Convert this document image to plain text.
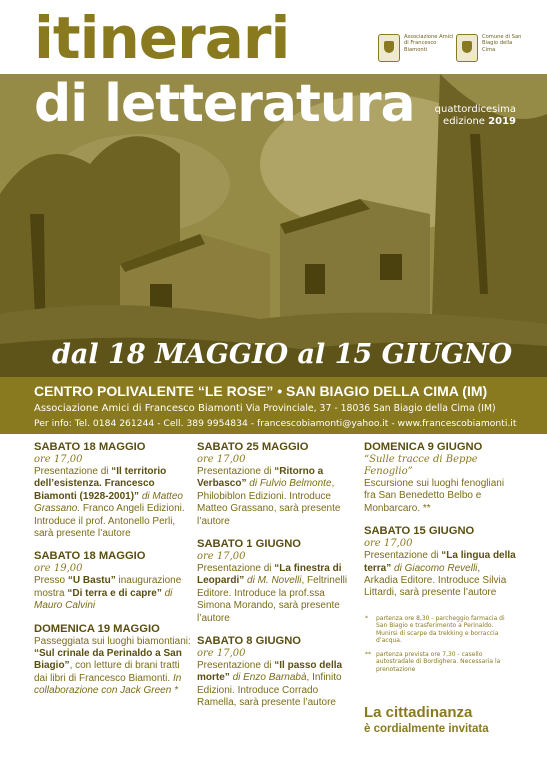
itinerari	Associazione Amici di Francesco Biamonti
Comune di San Biagio della Cima
di letteratura	quattordicesima
edizione 2019
dal 18 MAGGIO al 15 GIUGNO
CENTRO POLIVALENTE “LE ROSE” • SAN BIAGIO DELLA CIMA (IM)
Associazione Amici di Francesco Biamonti Via Provinciale, 37 - 18036 San Biagio della Cima (IM)
Per info: Tel. 0184 261244 - Cell. 389 9954834 - francescobiamonti@yahoo.it - www.francescobiamonti.it
SABATO 18 MAGGIO
ore 17,00
Presentazione di “Il territorio dell’esistenza. Francesco Biamonti (1928-2001)” di Matteo Grassano. Franco Angeli Edizioni. Introduce il prof. Antonello Perli, sarà presente l’autore
SABATO 18 MAGGIO
ore 19,00
Presso “U Bastu” inaugurazione mostra “Di terra e di capre” di Mauro Calvini
DOMENICA 19 MAGGIO
Passeggiata sui luoghi biamontiani: “Sul crinale da Perinaldo a San Biagio”, con letture di brani tratti dai libri di Francesco Biamonti. In collaborazione con Jack Green *
SABATO 25 MAGGIO
ore 17,00
Presentazione di “Ritorno a Verbasco” di Fulvio Belmonte, Philobiblon Edizioni. Introduce Matteo Grassano, sarà presente l’autore
SABATO 1 GIUGNO
ore 17,00
Presentazione di “La finestra di Leopardi” di M. Novelli, Feltrinelli Editore. Introduce la prof.ssa Simona Morando, sarà presente l’autore
SABATO 8 GIUGNO
ore 17,00
Presentazione di “Il passo della morte” di Enzo Barnabà, Infinito Edizioni. Introduce Corrado Ramella, sarà presente l’autore
DOMENICA 9 GIUGNO
“Sulle tracce di Beppe Fenoglio”
Escursione sui luoghi fenogliani fra San Benedetto Belbo e Monbarcaro. **
SABATO 15 GIUGNO
ore 17,00
Presentazione di “La lingua della terra” di Giacomo Revelli, Arkadia Editore. Introduce Silvia Littardi, sarà presente l’autore
* partenza ore 8,30 - parcheggio farmacia di San Biagio e trasferimento a Perinaldo. Munirsi di scarpe da trekking e borraccia d’acqua.
** partenza prevista ore 7,30 - casello autostradale di Bordighera. Necessaria la prenotazione
La cittadinanza
è cordialmente invitata
